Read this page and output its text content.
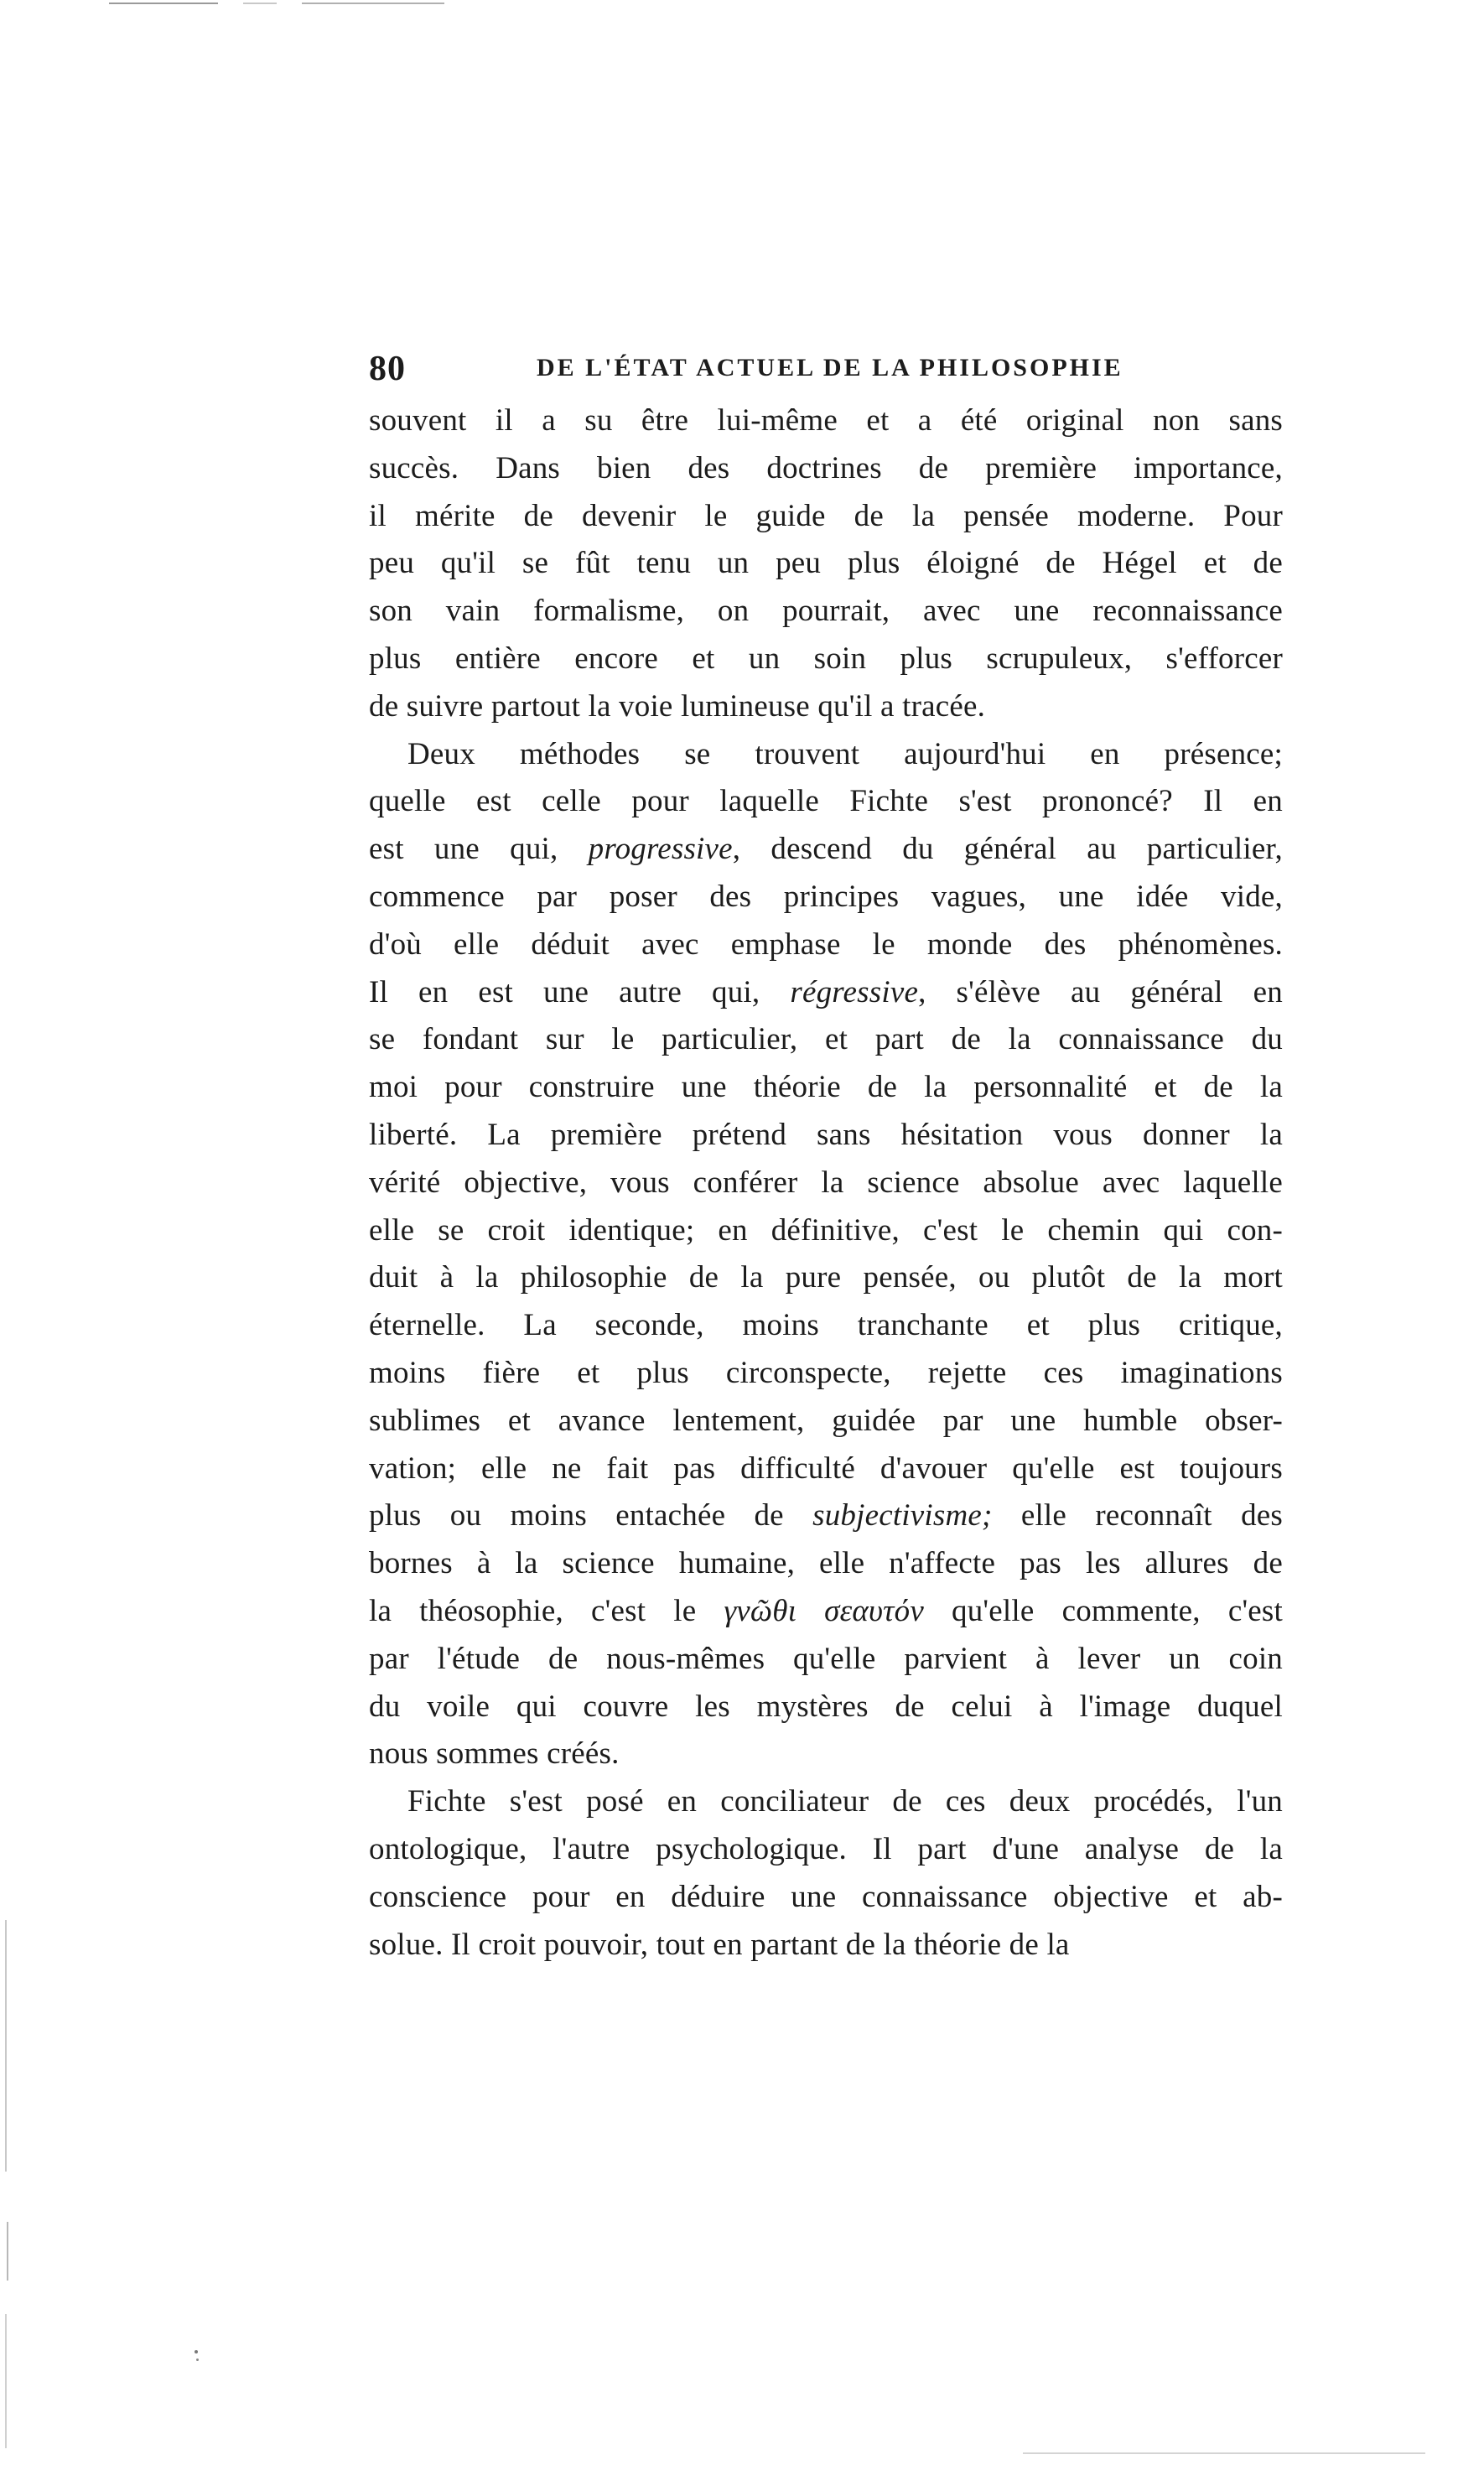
80	DE L'ÉTAT ACTUEL DE LA PHILOSOPHIE
souvent il a su être lui-même et a été original non sans
succès. Dans bien des doctrines de première importance,
il mérite de devenir le guide de la pensée moderne. Pour
peu qu'il se fût tenu un peu plus éloigné de Hégel et de
son vain formalisme, on pourrait, avec une reconnaissance
plus entière encore et un soin plus scrupuleux, s'efforcer
de suivre partout la voie lumineuse qu'il a tracée.
Deux méthodes se trouvent aujourd'hui en présence;
quelle est celle pour laquelle Fichte s'est prononcé? Il en
est une qui, progressive, descend du général au particulier,
commence par poser des principes vagues, une idée vide,
d'où elle déduit avec emphase le monde des phénomènes.
Il en est une autre qui, régressive, s'élève au général en
se fondant sur le particulier, et part de la connaissance du
moi pour construire une théorie de la personnalité et de la
liberté. La première prétend sans hésitation vous donner la
vérité objective, vous conférer la science absolue avec laquelle
elle se croit identique; en définitive, c'est le chemin qui con-
duit à la philosophie de la pure pensée, ou plutôt de la mort
éternelle. La seconde, moins tranchante et plus critique,
moins fière et plus circonspecte, rejette ces imaginations
sublimes et avance lentement, guidée par une humble obser-
vation; elle ne fait pas difficulté d'avouer qu'elle est toujours
plus ou moins entachée de subjectivisme; elle reconnaît des
bornes à la science humaine, elle n'affecte pas les allures de
la théosophie, c'est le γνῶθι σεαυτόν qu'elle commente, c'est
par l'étude de nous-mêmes qu'elle parvient à lever un coin
du voile qui couvre les mystères de celui à l'image duquel
nous sommes créés.
Fichte s'est posé en conciliateur de ces deux procédés, l'un
ontologique, l'autre psychologique. Il part d'une analyse de la
conscience pour en déduire une connaissance objective et ab-
solue. Il croit pouvoir, tout en partant de la théorie de la
